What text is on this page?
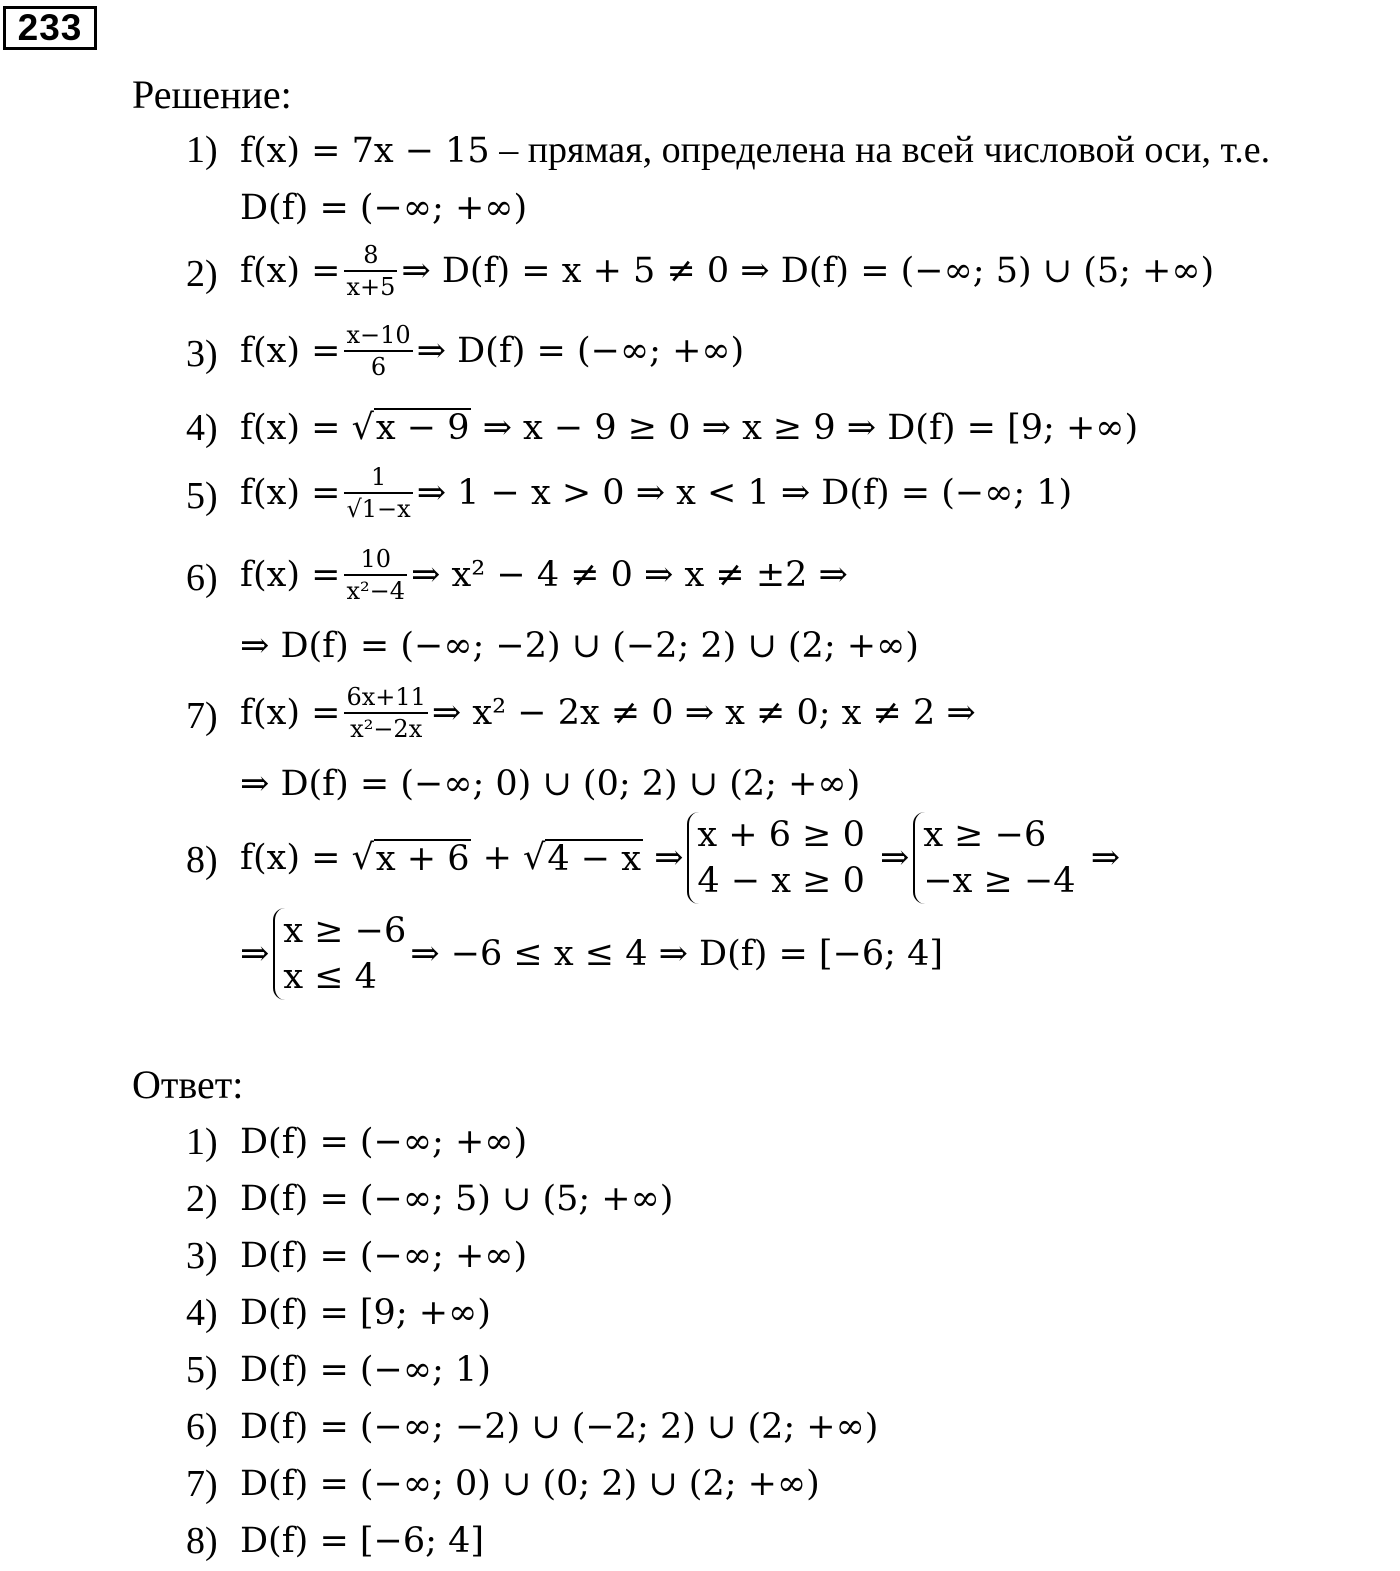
233
Решение:
1) f(x) = 7x − 15 – прямая, определена на всей числовой оси, т.е.
D(f) = (−∞; +∞)
2) $f(x) = \frac{8}{x+5}$ ⇒ D(f) = x + 5 ≠ 0 ⇒ D(f) = (−∞; 5) ∪ (5; +∞)
3) $f(x) = \frac{x-10}{6}$ ⇒ D(f) = (−∞; +∞)
4) f(x) = √x − 9 ⇒ x − 9 ≥ 0 ⇒ x ≥ 9 ⇒ D(f) = [9; +∞)
5) $f(x) = \frac{1}{√1-x}$ ⇒ 1 − x > 0 ⇒ x < 1 ⇒ D(f) = (−∞; 1)
6) $f(x) = \frac{10}{\text{x²−4}}$ ⇒ x² − 4 ≠ 0 ⇒ x ≠ ±2 ⇒
⇒ D(f) = (−∞; −2) ∪ (−2; 2) ∪ (2; +∞)
7) $f(x) = \frac{6x+11}{\text{x²−2x}}$ ⇒ x² − 2x ≠ 0 ⇒ x ≠ 0; x ≠ 2 ⇒
⇒ D(f) = (−∞; 0) ∪ (0; 2) ∪ (2; +∞)
8) f(x) = √x + 6 + √4 − x ⇒
x + 6 ≥ 0
4 − x ≥ 0
⇒
x ≥ −6
−x ≥ −4
⇒
⇒
x ≥ −6
x ≤ 4
⇒ −6 ≤ x ≤ 4 ⇒ D(f) = [−6; 4]
Ответ:
1) D(f) = (−∞; +∞)
2) D(f) = (−∞; 5) ∪ (5; +∞)
3) D(f) = (−∞; +∞)
4) D(f) = [9; +∞)
5) D(f) = (−∞; 1)
6) D(f) = (−∞; −2) ∪ (−2; 2) ∪ (2; +∞)
7) D(f) = (−∞; 0) ∪ (0; 2) ∪ (2; +∞)
8) D(f) = [−6; 4]
